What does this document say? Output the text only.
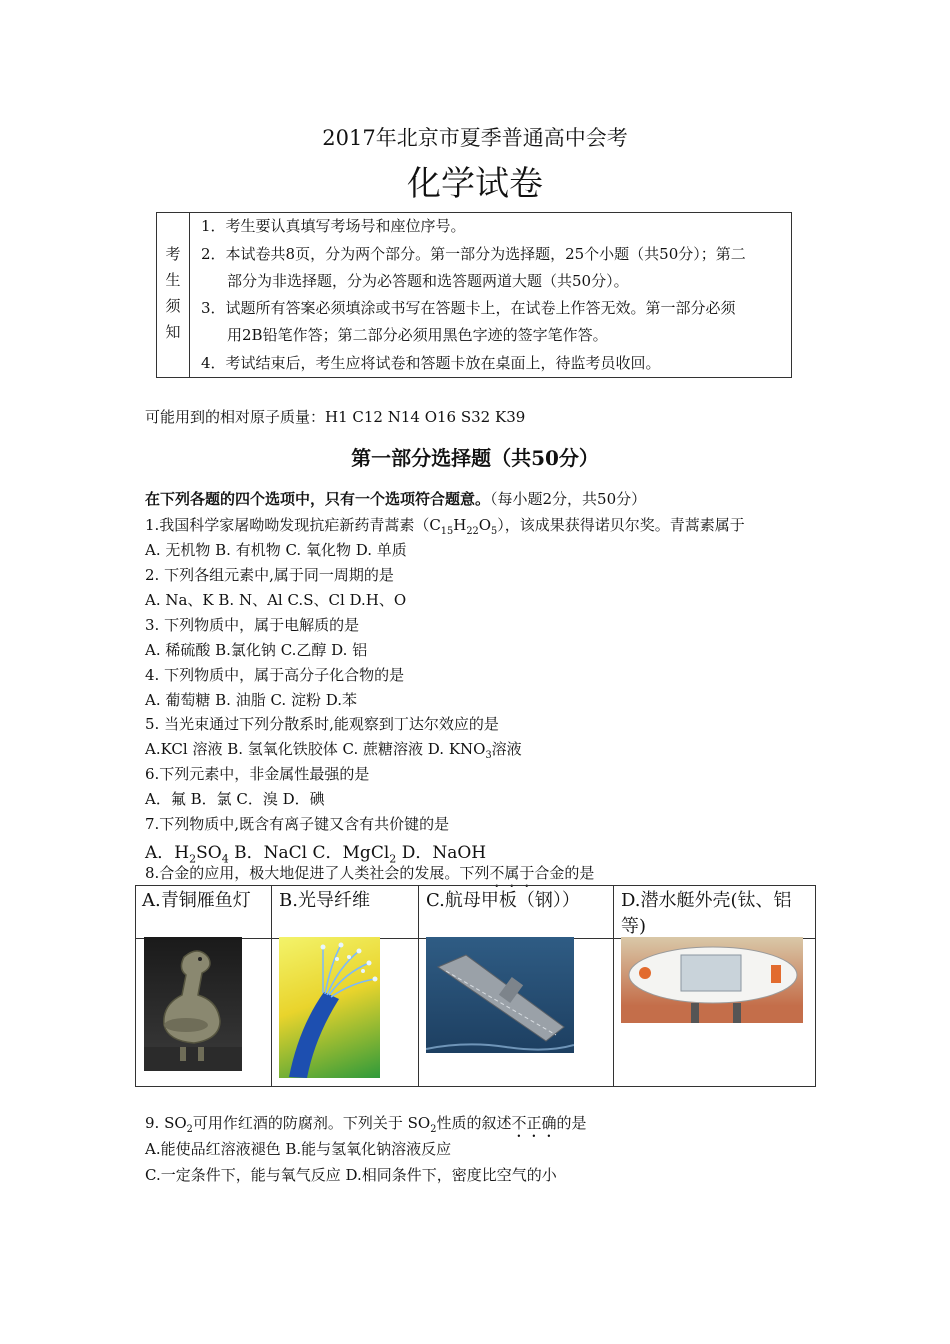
2017年北京市夏季普通高中会考
化学试卷
考
生
须
知
1．考生要认真填写考场号和座位序号。
2．本试卷共8页，分为两个部分。第一部分为选择题，25个小题（共50分）；第二
部分为非选择题，分为必答题和选答题两道大题（共50分）。
3．试题所有答案必须填涂或书写在答题卡上，在试卷上作答无效。第一部分必须
用2B铅笔作答；第二部分必须用黑色字迹的签字笔作答。
4．考试结束后，考生应将试卷和答题卡放在桌面上，待监考员收回。
可能用到的相对原子质量：H1 C12 N14 O16 S32 K39
第一部分选择题（共50分）
在下列各题的四个选项中，只有一个选项符合题意。（每小题2分，共50分）
1.我国科学家屠呦呦发现抗疟新药青蒿素$(C_{15}H_{22}O_5)$，该成果获得诺贝尔奖。青蒿素属于
A. 无机物 B. 有机物 C. 氧化物 D. 单质
2. 下列各组元素中,属于同一周期的是
A. Na、K B. N、Al C.S、Cl D.H、O
3. 下列物质中，属于电解质的是
A. 稀硫酸 B.氯化钠 C.乙醇 D. 铝
4. 下列物质中，属于高分子化合物的是
A. 葡萄糖 B. 油脂 C. 淀粉 D.苯
5. 当光束通过下列分散系时,能观察到丁达尔效应的是
A.KCl 溶液 B. 氢氧化铁胶体 C. 蔗糖溶液 D. $KNO_3$溶液
6.下列元素中，非金属性最强的是
A．氟 B．氯 C．溴 D．碘
7.下列物质中,既含有离子键又含有共价键的是
A．$H_2SO_4$ B．NaCl C．MgCl$_2$ D．NaOH
8.合金的应用，极大地促进了人类社会的发展。下列不属于合金的是
A.青铜雁鱼灯	B.光导纤维	C.航母甲板（钢））	D.潜水艇外壳(钛、铝等)
9. $SO_2$可用作红酒的防腐剂。下列关于 $SO_2$性质的叙述不正确的是
A.能使品红溶液褪色 B.能与氢氧化钠溶液反应
C.一定条件下，能与氧气反应 D.相同条件下，密度比空气的小
